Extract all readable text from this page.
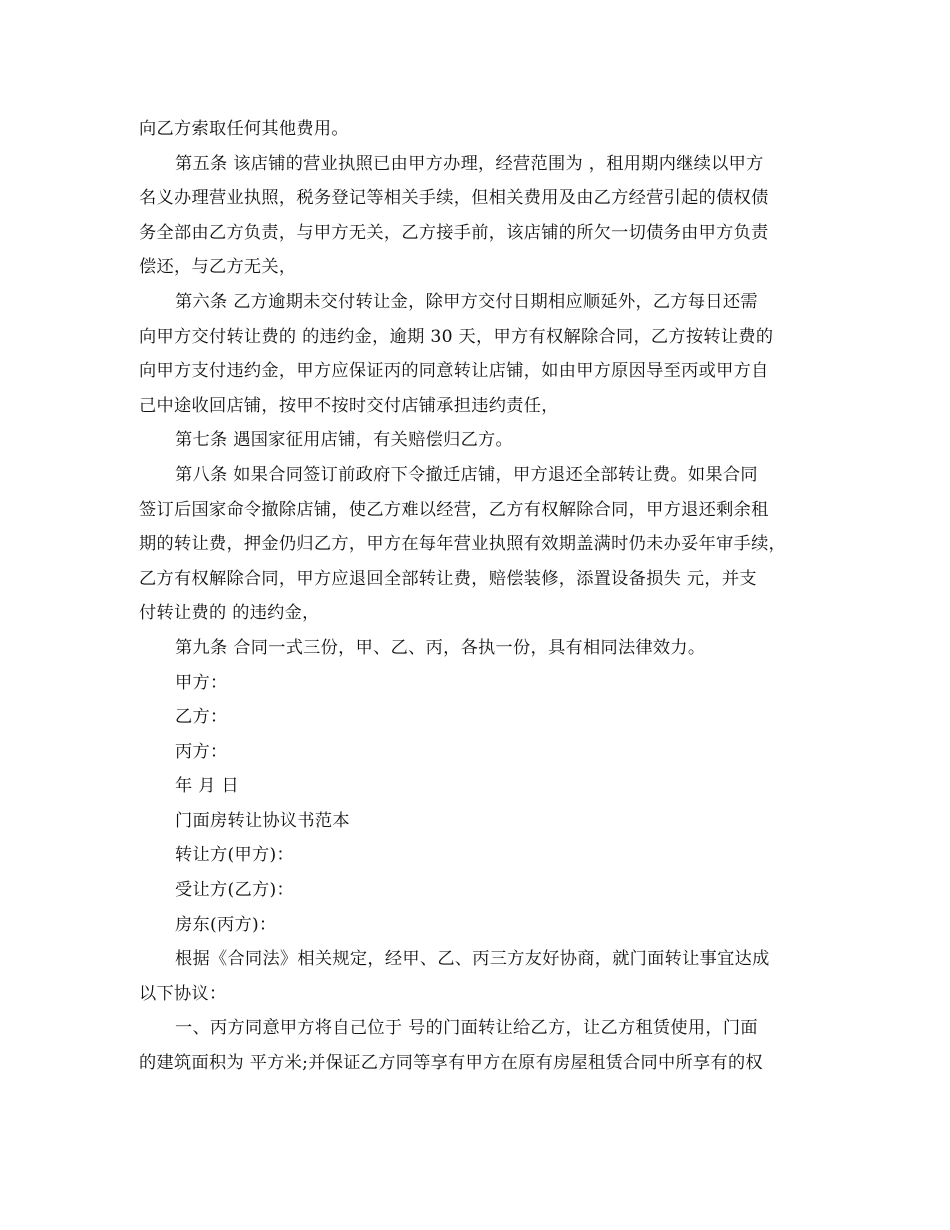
向乙方索取任何其他费用。
第五条 该店铺的营业执照已由甲方办理，经营范围为 ，租用期内继续以甲方
名义办理营业执照，税务登记等相关手续，但相关费用及由乙方经营引起的债权债
务全部由乙方负责，与甲方无关，乙方接手前，该店铺的所欠一切债务由甲方负责
偿还，与乙方无关，
第六条 乙方逾期未交付转让金，除甲方交付日期相应顺延外，乙方每日还需
向甲方交付转让费的 的违约金，逾期 30 天，甲方有权解除合同，乙方按转让费的
向甲方支付违约金，甲方应保证丙的同意转让店铺，如由甲方原因导至丙或甲方自
己中途收回店铺，按甲不按时交付店铺承担违约责任，
第七条 遇国家征用店铺，有关赔偿归乙方。
第八条 如果合同签订前政府下令撤迁店铺，甲方退还全部转让费。如果合同
签订后国家命令撤除店铺，使乙方难以经营，乙方有权解除合同，甲方退还剩余租
期的转让费，押金仍归乙方，甲方在每年营业执照有效期盖满时仍未办妥年审手续，
乙方有权解除合同，甲方应退回全部转让费，赔偿装修，添置设备损失 元，并支
付转让费的 的违约金，
第九条 合同一式三份，甲、乙、丙，各执一份，具有相同法律效力。
甲方：
乙方：
丙方：
年 月 日
门面房转让协议书范本
转让方(甲方)：
受让方(乙方)：
房东(丙方)：
根据《合同法》相关规定，经甲、乙、丙三方友好协商，就门面转让事宜达成
以下协议：
一、丙方同意甲方将自己位于 号的门面转让给乙方，让乙方租赁使用，门面
的建筑面积为 平方米;并保证乙方同等享有甲方在原有房屋租赁合同中所享有的权
